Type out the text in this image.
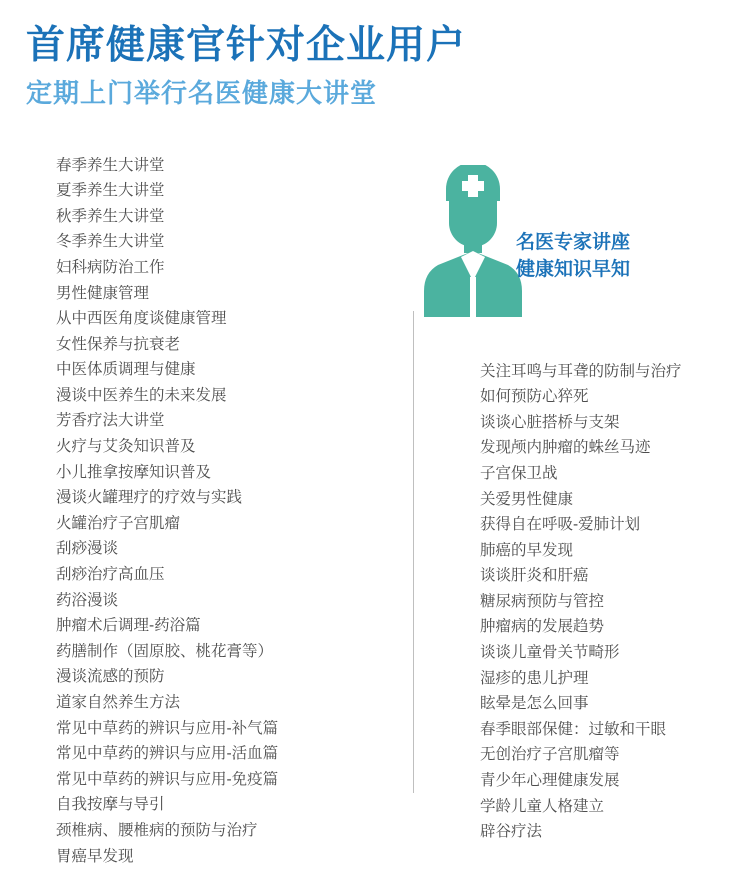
首席健康官针对企业用户
定期上门举行名医健康大讲堂
名医专家讲座
健康知识早知
春季养生大讲堂
夏季养生大讲堂
秋季养生大讲堂
冬季养生大讲堂
妇科病防治工作
男性健康管理
从中西医角度谈健康管理
女性保养与抗衰老
中医体质调理与健康
漫谈中医养生的未来发展
芳香疗法大讲堂
火疗与艾灸知识普及
小儿推拿按摩知识普及
漫谈火罐理疗的疗效与实践
火罐治疗子宫肌瘤
刮痧漫谈
刮痧治疗高血压
药浴漫谈
肿瘤术后调理-药浴篇
药膳制作（固原胶、桃花膏等）
漫谈流感的预防
道家自然养生方法
常见中草药的辨识与应用-补气篇
常见中草药的辨识与应用-活血篇
常见中草药的辨识与应用-免疫篇
自我按摩与导引
颈椎病、腰椎病的预防与治疗
胃癌早发现
关注耳鸣与耳聋的防制与治疗
如何预防心猝死
谈谈心脏搭桥与支架
发现颅内肿瘤的蛛丝马迹
子宫保卫战
关爱男性健康
获得自在呼吸-爱肺计划
肺癌的早发现
谈谈肝炎和肝癌
糖尿病预防与管控
肿瘤病的发展趋势
谈谈儿童骨关节畸形
湿疹的患儿护理
眩晕是怎么回事
春季眼部保健：过敏和干眼
无创治疗子宫肌瘤等
青少年心理健康发展
学龄儿童人格建立
辟谷疗法
